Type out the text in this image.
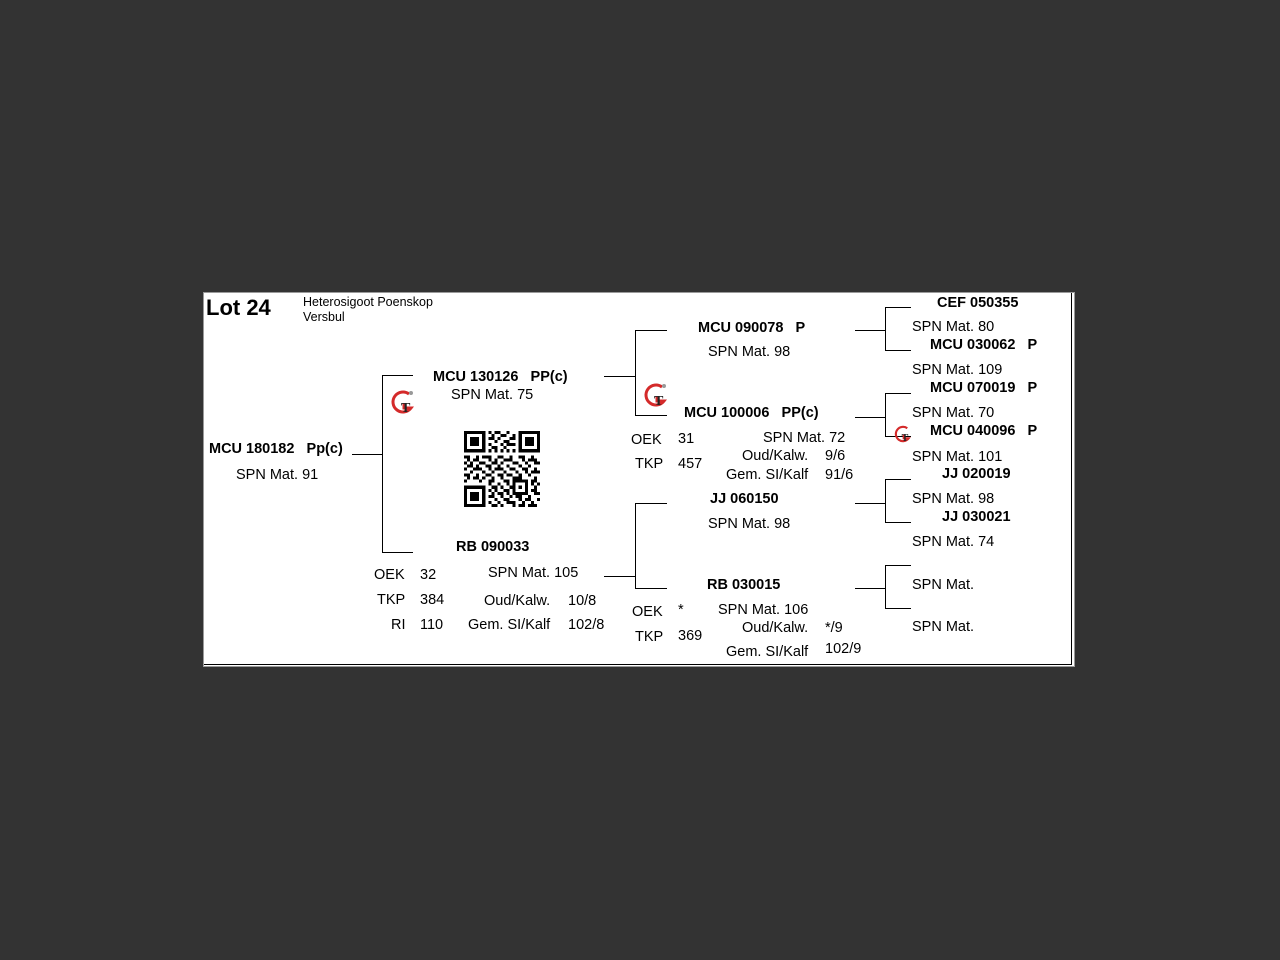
Lot 24	Heterosigoot Poenskop
Versbul
MCU 180182 Pp(c)
SPN Mat. 91
MCU 130126 PP(c)
SPN Mat. 75
T
RB 090033
SPN Mat. 105
OEK 32
TKP 384
RI 110
Oud/Kalw. 10/8
Gem. SI/Kalf 102/8
MCU 090078 P
SPN Mat. 98
T
MCU 100006 PP(c)
SPN Mat. 72
OEK 31
TKP 457	Oud/Kalw. 9/6
Gem. SI/Kalf 91/6
JJ 060150
SPN Mat. 98
RB 030015
SPN Mat. 106
OEK *
TKP 369	Oud/Kalw. */9
Gem. SI/Kalf 102/9
CEF 050355
SPN Mat. 80
MCU 030062 P
SPN Mat. 109
MCU 070019 P
SPN Mat. 70
T MCU 040096 P
SPN Mat. 101
JJ 020019
SPN Mat. 98
JJ 030021
SPN Mat. 74
SPN Mat.
SPN Mat.
